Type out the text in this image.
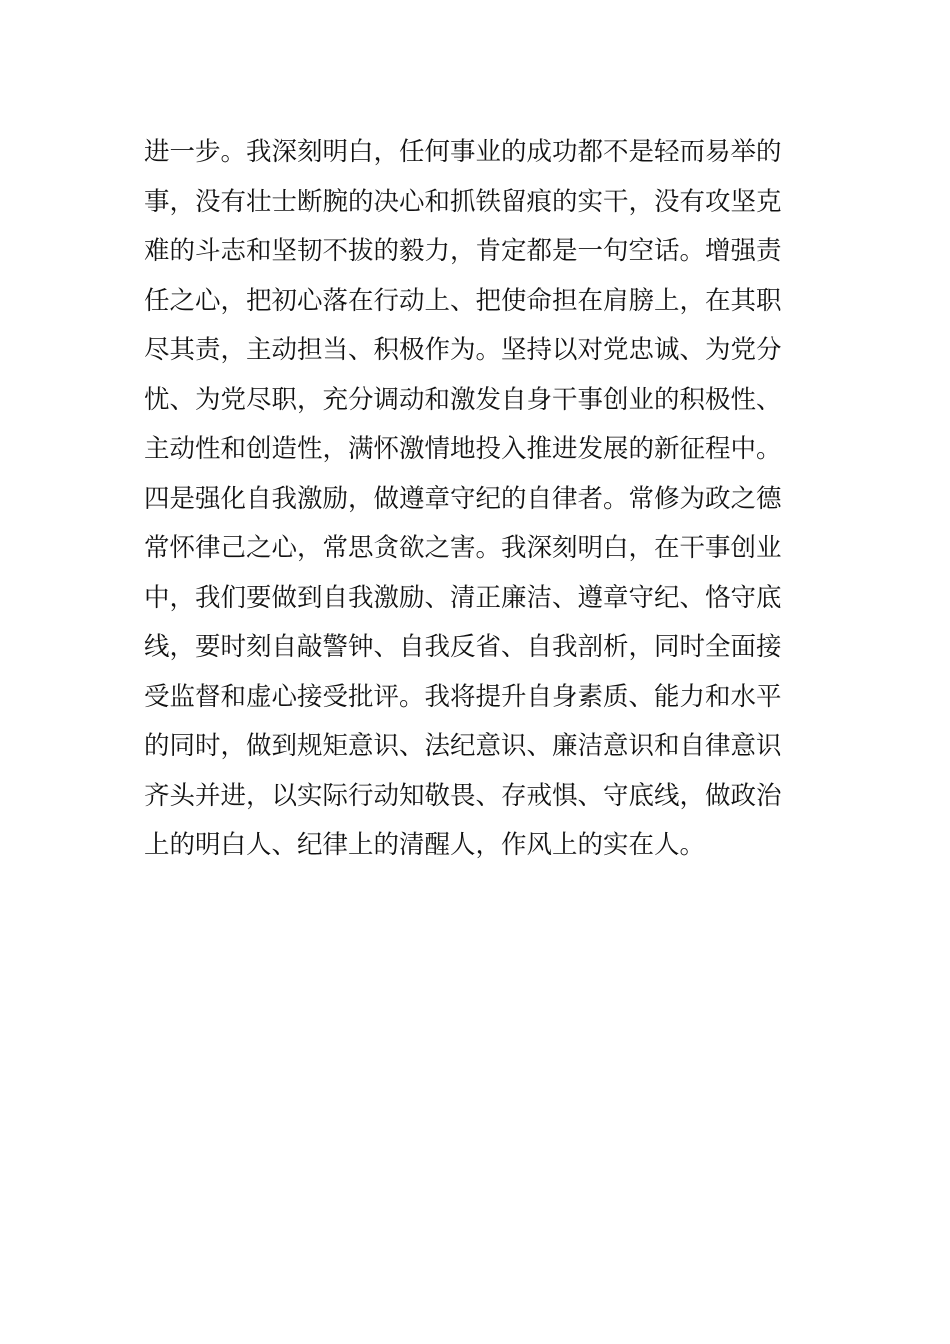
进一步。我深刻明白，任何事业的成功都不是轻而易举的
事，没有壮士断腕的决心和抓铁留痕的实干，没有攻坚克
难的斗志和坚韧不拔的毅力，肯定都是一句空话。增强责
任之心，把初心落在行动上、把使命担在肩膀上，在其职
尽其责，主动担当、积极作为。坚持以对党忠诚、为党分
忧、为党尽职，充分调动和激发自身干事创业的积极性、
主动性和创造性，满怀激情地投入推进发展的新征程中。
四是强化自我激励，做遵章守纪的自律者。常修为政之德
常怀律己之心，常思贪欲之害。我深刻明白，在干事创业
中，我们要做到自我激励、清正廉洁、遵章守纪、恪守底
线，要时刻自敲警钟、自我反省、自我剖析，同时全面接
受监督和虚心接受批评。我将提升自身素质、能力和水平
的同时，做到规矩意识、法纪意识、廉洁意识和自律意识
齐头并进，以实际行动知敬畏、存戒惧、守底线，做政治
上的明白人、纪律上的清醒人，作风上的实在人。
